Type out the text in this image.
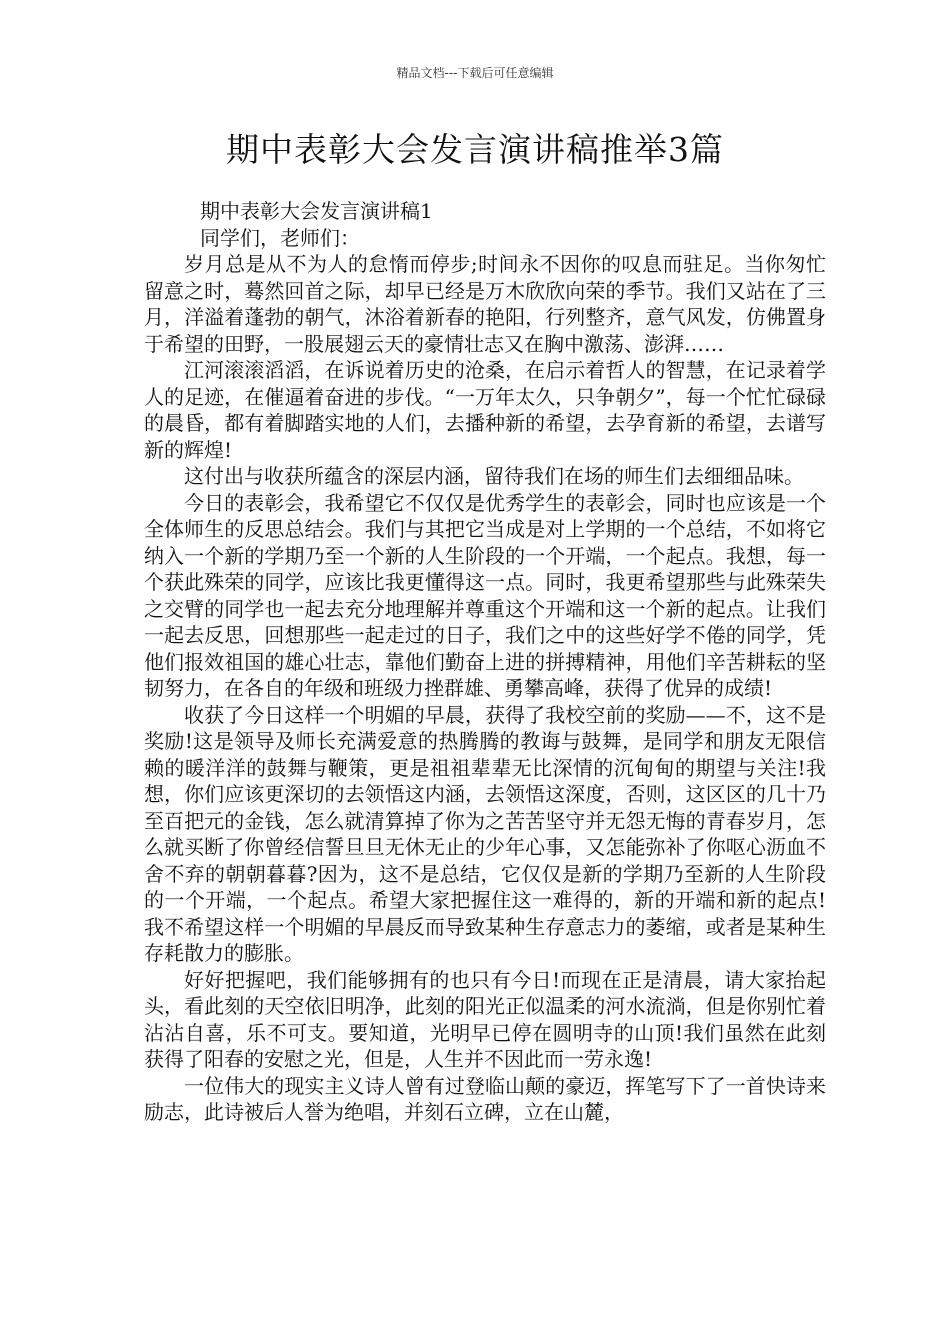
精品文档---下载后可任意编辑
期中表彰大会发言演讲稿推举3篇

期中表彰大会发言演讲稿1

同学们，老师们：

岁月总是从不为人的怠惰而停步;时间永不因你的叹息而驻足。当你匆忙留意之时，蓦然回首之际，却早已经是万木欣欣向荣的季节。我们又站在了三月，洋溢着蓬勃的朝气，沐浴着新春的艳阳，行列整齐，意气风发，仿佛置身于希望的田野，一股展翅云天的豪情壮志又在胸中激荡、澎湃……

江河滚滚滔滔，在诉说着历史的沧桑，在启示着哲人的智慧，在记录着学人的足迹，在催逼着奋进的步伐。“一万年太久，只争朝夕”，每一个忙忙碌碌的晨昏，都有着脚踏实地的人们，去播种新的希望，去孕育新的希望，去谱写新的辉煌!

这付出与收获所蕴含的深层内涵，留待我们在场的师生们去细细品味。

今日的表彰会，我希望它不仅仅是优秀学生的表彰会，同时也应该是一个全体师生的反思总结会。我们与其把它当成是对上学期的一个总结，不如将它纳入一个新的学期乃至一个新的人生阶段的一个开端，一个起点。我想，每一个获此殊荣的同学，应该比我更懂得这一点。同时，我更希望那些与此殊荣失之交臂的同学也一起去充分地理解并尊重这个开端和这一个新的起点。让我们一起去反思，回想那些一起走过的日子，我们之中的这些好学不倦的同学，凭他们报效祖国的雄心壮志，靠他们勤奋上进的拼搏精神，用他们辛苦耕耘的坚韧努力，在各自的年级和班级力挫群雄、勇攀高峰，获得了优异的成绩!

收获了今日这样一个明媚的早晨，获得了我校空前的奖励——不，这不是奖励!这是领导及师长充满爱意的热腾腾的教诲与鼓舞，是同学和朋友无限信赖的暖洋洋的鼓舞与鞭策，更是祖祖辈辈无比深情的沉甸甸的期望与关注!我想，你们应该更深切的去领悟这内涵，去领悟这深度，否则，这区区的几十乃至百把元的金钱，怎么就清算掉了你为之苦苦坚守并无怨无悔的青春岁月，怎么就买断了你曾经信誓旦旦无休无止的少年心事，又怎能弥补了你呕心沥血不舍不弃的朝朝暮暮?因为，这不是总结，它仅仅是新的学期乃至新的人生阶段的一个开端，一个起点。希望大家把握住这一难得的，新的开端和新的起点!我不希望这样一个明媚的早晨反而导致某种生存意志力的萎缩，或者是某种生存耗散力的膨胀。

好好把握吧，我们能够拥有的也只有今日!而现在正是清晨，请大家抬起头，看此刻的天空依旧明净，此刻的阳光正似温柔的河水流淌，但是你别忙着沾沾自喜，乐不可支。要知道，光明早已停在圆明寺的山顶!我们虽然在此刻获得了阳春的安慰之光，但是，人生并不因此而一劳永逸!

一位伟大的现实主义诗人曾有过登临山颠的豪迈，挥笔写下了一首快诗来励志，此诗被后人誉为绝唱，并刻石立碑，立在山麓，
